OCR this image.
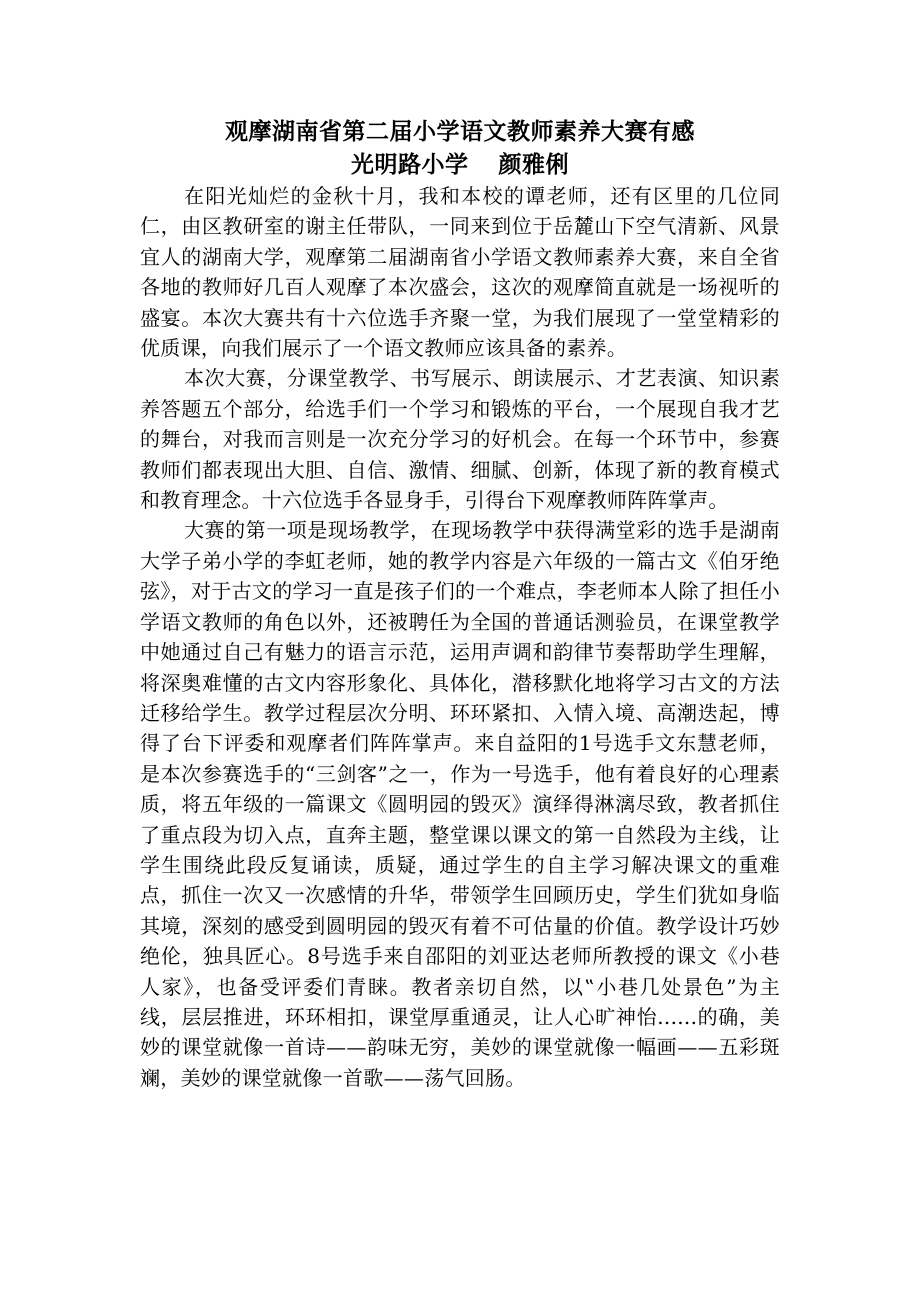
观摩湖南省第二届小学语文教师素养大赛有感
光明路小学 颜雅俐

在阳光灿烂的金秋十月，我和本校的谭老师，还有区里的几位同仁，由区教研室的谢主任带队，一同来到位于岳麓山下空气清新、风景宜人的湖南大学，观摩第二届湖南省小学语文教师素养大赛，来自全省各地的教师好几百人观摩了本次盛会，这次的观摩简直就是一场视听的盛宴。本次大赛共有十六位选手齐聚一堂，为我们展现了一堂堂精彩的优质课，向我们展示了一个语文教师应该具备的素养。

本次大赛，分课堂教学、书写展示、朗读展示、才艺表演、知识素养答题五个部分，给选手们一个学习和锻炼的平台，一个展现自我才艺的舞台，对我而言则是一次充分学习的好机会。在每一个环节中，参赛教师们都表现出大胆、自信、激情、细腻、创新，体现了新的教育模式和教育理念。十六位选手各显身手，引得台下观摩教师阵阵掌声。

大赛的第一项是现场教学，在现场教学中获得满堂彩的选手是湖南大学子弟小学的李虹老师，她的教学内容是六年级的一篇古文《伯牙绝弦》，对于古文的学习一直是孩子们的一个难点，李老师本人除了担任小学语文教师的角色以外，还被聘任为全国的普通话测验员，在课堂教学中她通过自己有魅力的语言示范，运用声调和韵律节奏帮助学生理解，将深奥难懂的古文内容形象化、具体化，潜移默化地将学习古文的方法迁移给学生。教学过程层次分明、环环紧扣、入情入境、高潮迭起，博得了台下评委和观摩者们阵阵掌声。来自益阳的1号选手文东慧老师，是本次参赛选手的“三剑客”之一，作为一号选手，他有着良好的心理素质，将五年级的一篇课文《圆明园的毁灭》演绎得淋漓尽致，教者抓住了重点段为切入点，直奔主题，整堂课以课文的第一自然段为主线，让学生围绕此段反复诵读，质疑，通过学生的自主学习解决课文的重难点，抓住一次又一次感情的升华，带领学生回顾历史，学生们犹如身临其境，深刻的感受到圆明园的毁灭有着不可估量的价值。教学设计巧妙绝伦，独具匠心。8号选手来自邵阳的刘亚达老师所教授的课文《小巷人家》，也备受评委们青睐。教者亲切自然，以‟小巷几处景色”为主线，层层推进，环环相扣，课堂厚重通灵，让人心旷神怡......的确，美妙的课堂就像一首诗——韵味无穷，美妙的课堂就像一幅画——五彩斑斓，美妙的课堂就像一首歌——荡气回肠。
